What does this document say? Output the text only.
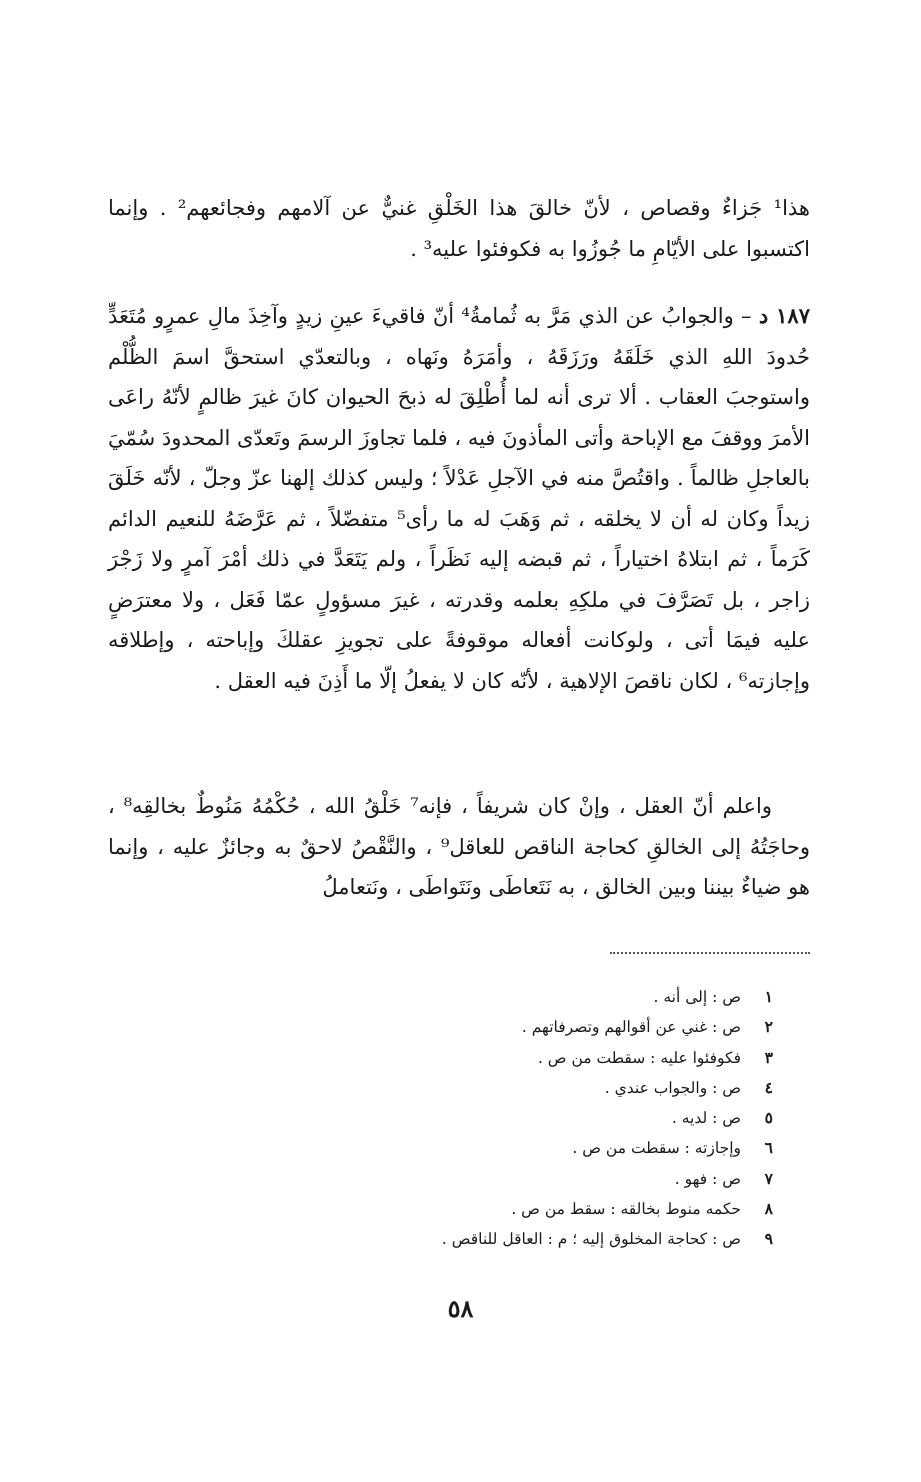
هذا¹ جَزاءٌ وقصاص ، لأنّ خالقَ هذا الخَلْقِ غنيٌّ عن آلامهم وفجائعهم² . وإنما اكتسبوا على الأيّامِ ما جُوزُوا به فكوفئوا عليه³ .

١٨٧ د – والجوابُ عن الذي مَرَّ به ثُمامةُ⁴ أنّ فاقيءَ عينِ زيدٍ وآخِذَ مالِ عمرٍو مُتَعَدٍّ حُدودَ اللهِ الذي خَلَقَهُ ورَزَقَهُ ، وأمَرَهُ ونَهاه ، وبالتعدّي استحقَّ اسمَ الظُّلْم واستوجبَ العقاب . ألا ترى أنه لما أُطْلِقَ له ذبحَ الحيوان كانَ غيرَ ظالمٍ لأنّهُ راعَى الأمرَ ووقفَ مع الإباحة وأتى المأذونَ فيه ، فلما تجاوزَ الرسمَ وتَعدّى المحدودَ سُمّيَ بالعاجلِ ظالماً . واقتُصَّ منه في الآجلِ عَدْلاً ؛ وليس كذلك إلهنا عزّ وجلّ ، لأنّه خَلَقَ زيداً وكان له أن لا يخلقه ، ثم وَهَبَ له ما رأى⁵ متفضّلاً ، ثم عَرَّضَهُ للنعيم الدائم كَرَماً ، ثم ابتلاهُ اختياراً ، ثم قبضه إليه نَظَراً ، ولم يَتَعَدَّ في ذلك أمْرَ آمرٍ ولا زَجْرَ زاجر ، بل تَصَرَّفَ في ملكِهِ بعلمه وقدرته ، غيرَ مسؤولٍ عمّا فَعَل ، ولا معترَضٍ عليه فيمَا أتى ، ولوكانت أفعاله موقوفةً على تجويزِ عقلكَ وإباحته ، وإطلاقه وإجازته⁶ ، لكان ناقصَ الإلاهية ، لأنّه كان لا يفعلُ إلّا ما أَذِنَ فيه العقل .

واعلم أنّ العقل ، وإنْ كان شريفاً ، فإنه⁷ خَلْقُ الله ، حُكْمُهُ مَنُوطٌ بخالقِه⁸ ، وحاجَتُهُ إلى الخالقِ كحاجة الناقص للعاقل⁹ ، والنَّقْصُ لاحقٌ به وجائزٌ عليه ، وإنما هو ضياءٌ بيننا وبين الخالق ، به نَتَعاطَى ونَتَواطَى ، ونَتعاملُ

١
ص : إلى أنه .
٢
ص : غني عن أقوالهم وتصرفاتهم .
٣
فكوفئوا عليه : سقطت من ص .
٤
ص : والجواب عندي .
٥
ص : لديه .
٦
وإجازته : سقطت من ص .
٧
ص : فهو .
٨
حكمه منوط بخالقه : سقط من ص .
٩
ص : كحاجة المخلوق إليه ؛ م : العاقل للناقص .
٥٨
